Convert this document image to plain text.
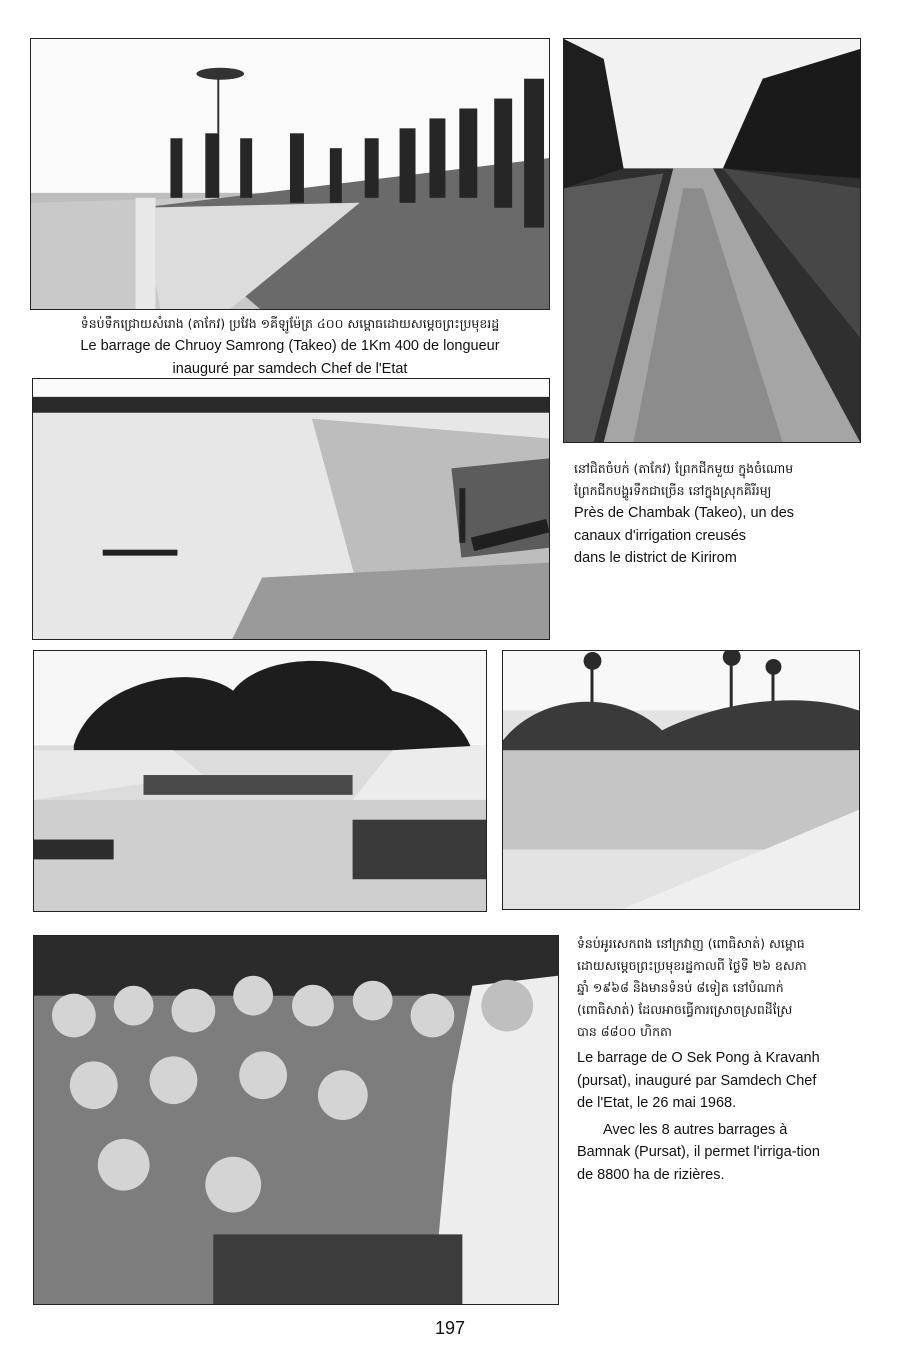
ទំនប់ទឹកជ្រោយសំរោង (តាកែវ) ប្រវែង ១គីឡូម៉ែត្រ ៤០០ សម្ពោធដោយសម្តេចព្រះប្រមុខរដ្ឋ
Le barrage de Chruoy Samrong (Takeo) de 1Km 400 de longueur
inauguré par samdech Chef de l'Etat
នៅជិតចំបក់ (តាកែវ) ព្រែកជីកមួយ ក្នុងចំណោម
ព្រែកជីកបង្ហូរទឹកជាច្រើន នៅក្នុងស្រុកគិរីរម្យ
Près de Chambak (Takeo), un des
canaux d'irrigation creusés
dans le district de Kirirom
ទំនប់អូរសេកពង នៅក្រវាញ (ពោធិសាត់) សម្ពោធ
ដោយសម្តេចព្រះប្រមុខរដ្ឋកាលពី ថ្ងៃទី ២៦ ឧសភា
ឆ្នាំ ១៩៦៨ និងមានទំនប់ ៨ទៀត នៅបំណាក់
(ពោធិសាត់) ដែលអាចធ្វើការស្រោចស្រពដីស្រែ
បាន ៨៨០០ ហិកតា
Le barrage de O Sek Pong à Kravanh
(pursat), inauguré par Samdech Chef
de l'Etat, le 26 mai 1968.
Avec les 8 autres barrages à
Bamnak (Pursat), il permet l'irriga-tion
de 8800 ha de rizières.
197
